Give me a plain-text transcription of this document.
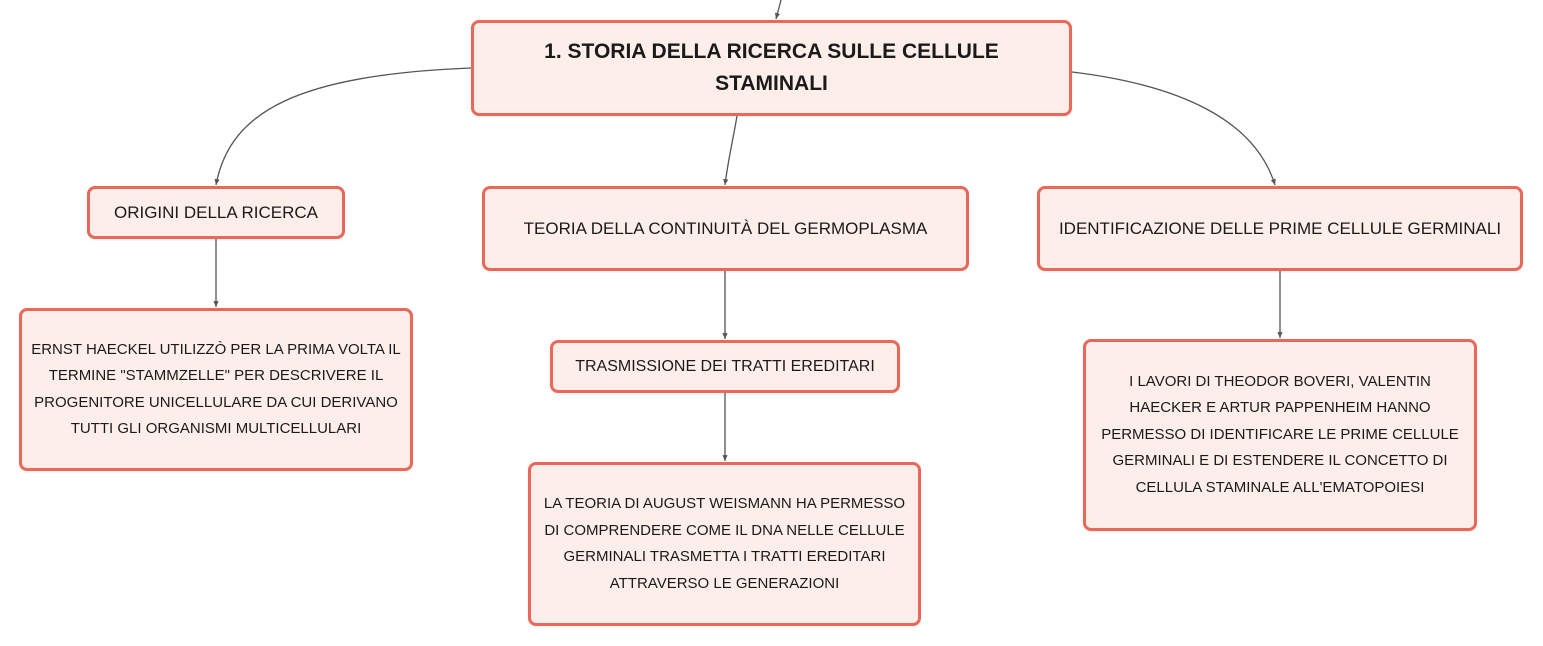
1. STORIA DELLA RICERCA SULLE CELLULE STAMINALI
ORIGINI DELLA RICERCA
TEORIA DELLA CONTINUITÀ DEL GERMOPLASMA	IDENTIFICAZIONE DELLE PRIME CELLULE GERMINALI
ERNST HAECKEL UTILIZZÒ PER LA PRIMA VOLTA IL TERMINE "STAMMZELLE" PER DESCRIVERE IL PROGENITORE UNICELLULARE DA CUI DERIVANO TUTTI GLI ORGANISMI MULTICELLULARI
TRASMISSIONE DEI TRATTI EREDITARI
LA TEORIA DI AUGUST WEISMANN HA PERMESSO DI COMPRENDERE COME IL DNA NELLE CELLULE GERMINALI TRASMETTA I TRATTI EREDITARI ATTRAVERSO LE GENERAZIONI
I LAVORI DI THEODOR BOVERI, VALENTIN HAECKER E ARTUR PAPPENHEIM HANNO PERMESSO DI IDENTIFICARE LE PRIME CELLULE GERMINALI E DI ESTENDERE IL CONCETTO DI CELLULA STAMINALE ALL'EMATOPOIESI
